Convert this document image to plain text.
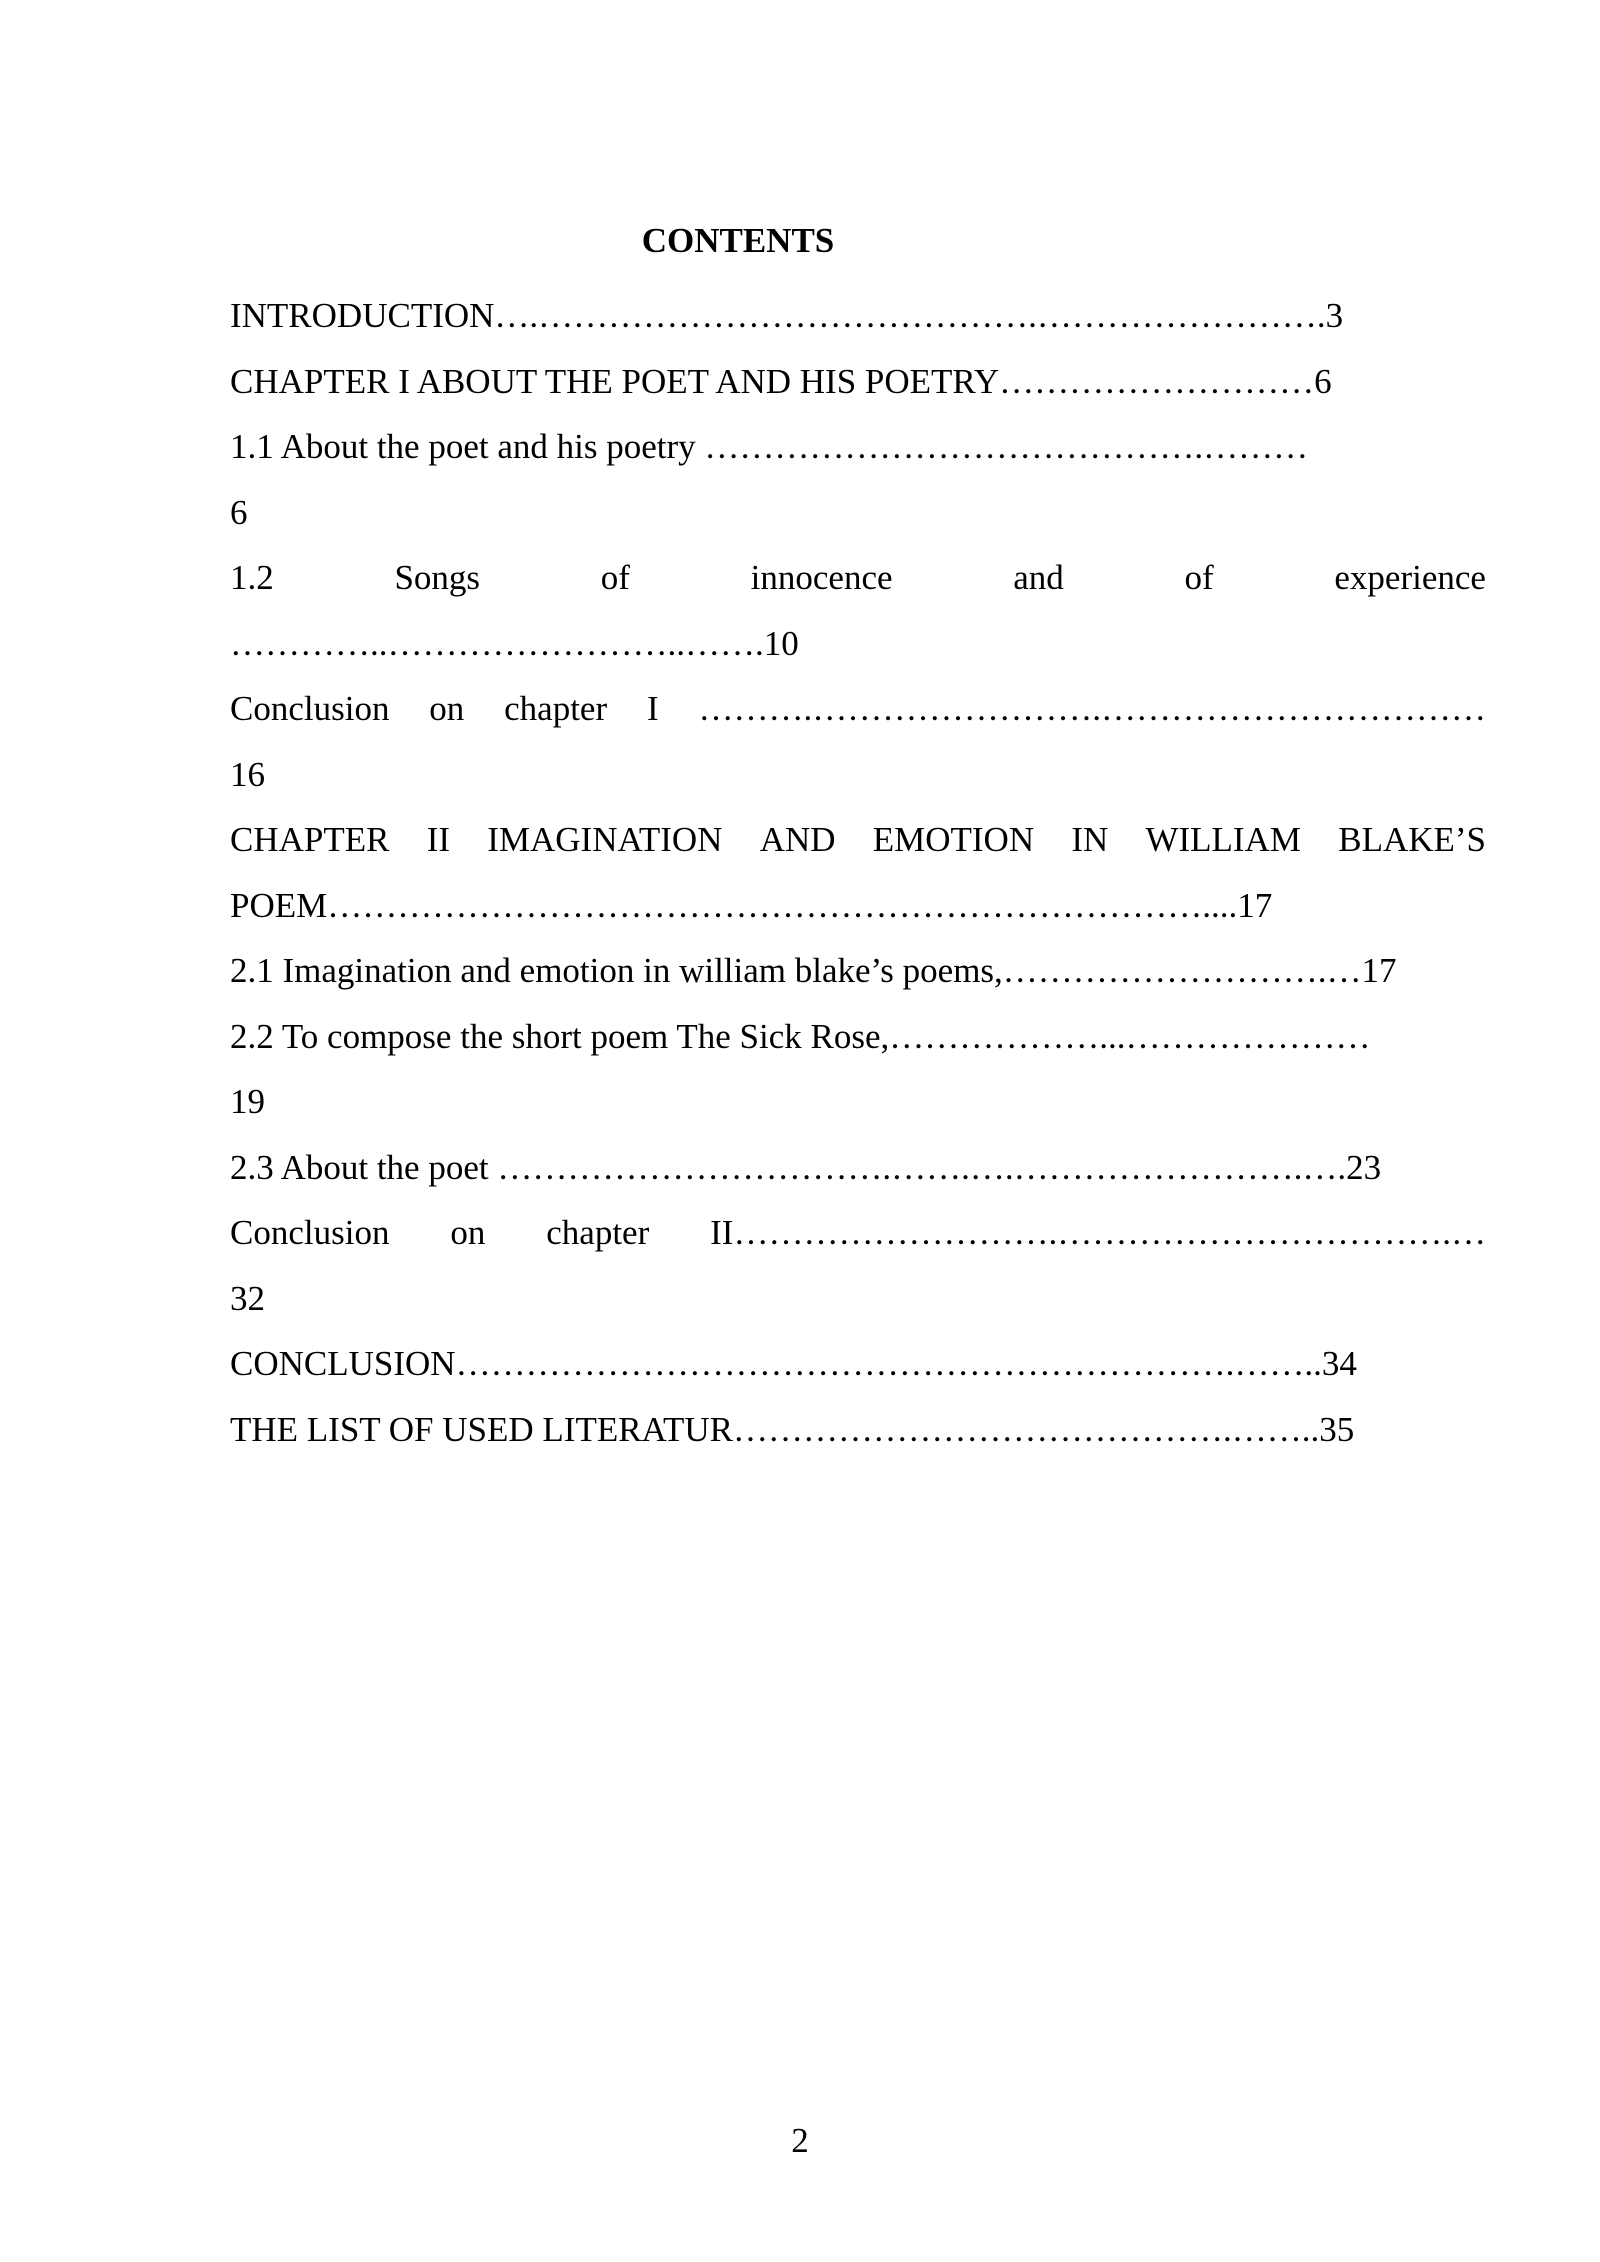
CONTENTS
INTRODUCTION….…………………………………….…………………….3
CHAPTER I ABOUT THE POET AND HIS POETRY………………………6
1.1 About the poet and his poetry …………………………………….………
6
1.2	Songs	of	innocence	and	of	experience
…………..……………………..…….10
Conclusion on chapter I ……….…………………….……………………………
16
CHAPTER II IMAGINATION AND EMOTION IN WILLIAM BLAKE’S
POEM…………………………………………………………………....17
2.1 Imagination and emotion in william blake’s poems,……………………….…17
2.2 To compose the short poem The Sick Rose,………………...…………………
19
2.3 About the poet …………………………….…….….…………………….….23
Conclusion on chapter II……………………….…………………………….…
32
CONCLUSION………………………………………………………….……..34
THE LIST OF USED LITERATUR…………………………………….……..35
2
